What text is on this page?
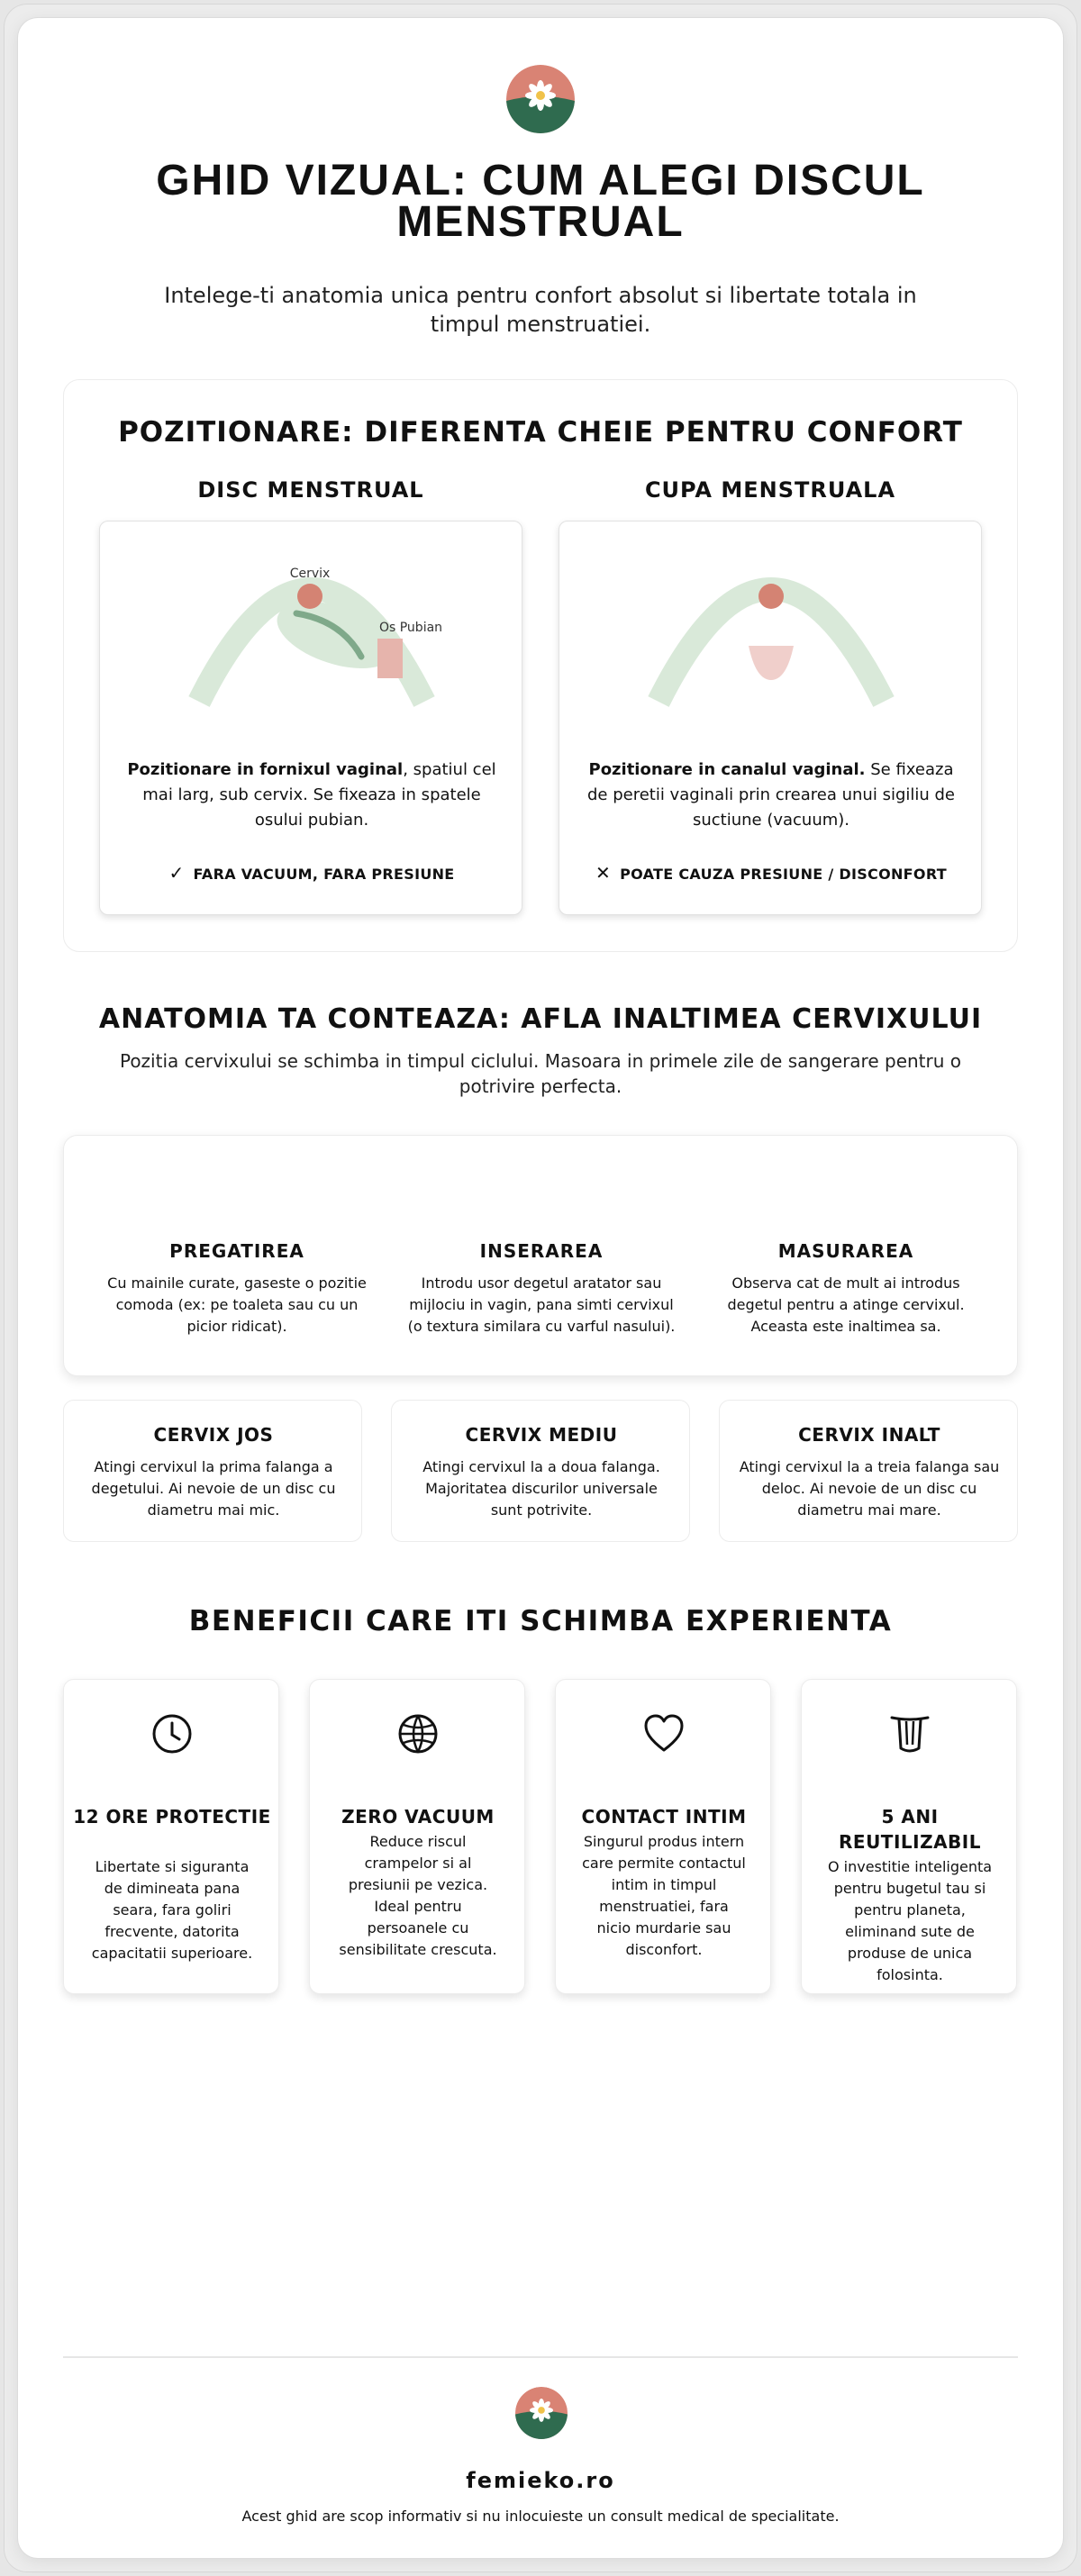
GHID VIZUAL: CUM ALEGI DISCUL MENSTRUAL
Intelege-ti anatomia unica pentru confort absolut si libertate totala in timpul menstruatiei.
POZITIONARE: DIFERENTA CHEIE PENTRU CONFORT
DISC MENSTRUAL	CUPA MENSTRUALA
Cervix
Os Pubian
Pozitionare in fornixul vaginal, spatiul cel mai larg, sub cervix. Se fixeaza in spatele osului pubian.
✓ FARA VACUUM, FARA PRESIUNE
Pozitionare in canalul vaginal. Se fixeaza de peretii vaginali prin crearea unui sigiliu de suctiune (vacuum).
✕ POATE CAUZA PRESIUNE / DISCONFORT
ANATOMIA TA CONTEAZA: AFLA INALTIMEA CERVIXULUI
Pozitia cervixului se schimba in timpul ciclului. Masoara in primele zile de sangerare pentru o potrivire perfecta.
PREGATIREA
Cu mainile curate, gaseste o pozitie comoda (ex: pe toaleta sau cu un picior ridicat).
INSERAREA
Introdu usor degetul aratator sau mijlociu in vagin, pana simti cervixul (o textura similara cu varful nasului).
MASURAREA
Observa cat de mult ai introdus degetul pentru a atinge cervixul. Aceasta este inaltimea sa.
CERVIX JOS
Atingi cervixul la prima falanga a degetului. Ai nevoie de un disc cu diametru mai mic.
CERVIX MEDIU
Atingi cervixul la a doua falanga. Majoritatea discurilor universale sunt potrivite.
CERVIX INALT
Atingi cervixul la a treia falanga sau deloc. Ai nevoie de un disc cu diametru mai mare.
BENEFICII CARE ITI SCHIMBA EXPERIENTA
12 ORE PROTECTIE
Libertate si siguranta de dimineata pana seara, fara goliri frecvente, datorita capacitatii superioare.
ZERO VACUUM
Reduce riscul crampelor si al presiunii pe vezica. Ideal pentru persoanele cu sensibilitate crescuta.
CONTACT INTIM
Singurul produs intern care permite contactul intim in timpul menstruatiei, fara nicio murdarie sau disconfort.
5 ANI REUTILIZABIL
O investitie inteligenta pentru bugetul tau si pentru planeta, eliminand sute de produse de unica folosinta.
femieko.ro
Acest ghid are scop informativ si nu inlocuieste un consult medical de specialitate.
